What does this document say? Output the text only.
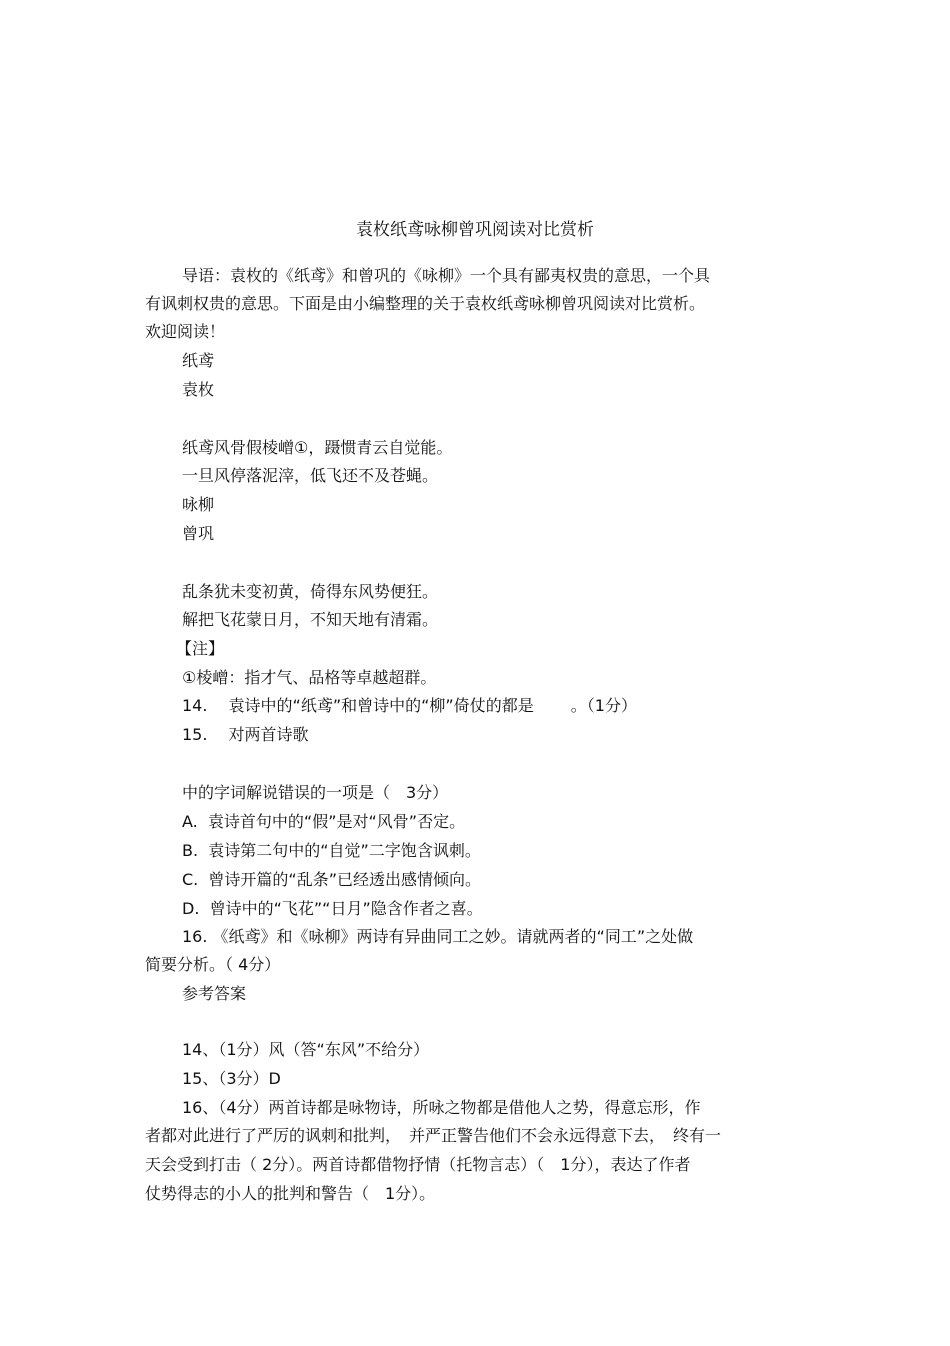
袁枚纸鸢咏柳曾巩阅读对比赏析
导语：袁枚的《纸鸢》和曾巩的《咏柳》一个具有鄙夷权贵的意思，一个具
有讽刺权贵的意思。下面是由小编整理的关于袁枚纸鸢咏柳曾巩阅读对比赏析。
欢迎阅读！
纸鸢
袁枚
纸鸢风骨假棱嶒①，蹑惯青云自觉能。
一旦风停落泥滓，低飞还不及苍蝇。
咏柳
曾巩
乱条犹未变初黄，倚得东风势便狂。
解把飞花蒙日月，不知天地有清霜。
【注】
①棱嶒：指才气、品格等卓越超群。
14.　 袁诗中的“纸鸢”和曾诗中的“柳”倚仗的都是　　 。（1分）
15.　 对两首诗歌
中的字词解说错误的一项是（　3分）
A.  袁诗首句中的“假”是对“风骨”否定。
B.  袁诗第二句中的“自觉”二字饱含讽刺。
C.  曾诗开篇的“乱条”已经透出感情倾向。
D.  曾诗中的“飞花”“日月”隐含作者之喜。
16. 《纸鸢》和《咏柳》两诗有异曲同工之妙。请就两者的“同工”之处做
简要分析。（ 4分）
参考答案
14、（1分）风（答“东风”不给分）
15、（3分）D
16、（4分）两首诗都是咏物诗，所咏之物都是借他人之势，得意忘形，作
者都对此进行了严厉的讽刺和批判，　并严正警告他们不会永远得意下去，　终有一
天会受到打击（ 2分）。两首诗都借物抒情（托物言志）（　1分），表达了作者
仗势得志的小人的批判和警告（　1分）。
